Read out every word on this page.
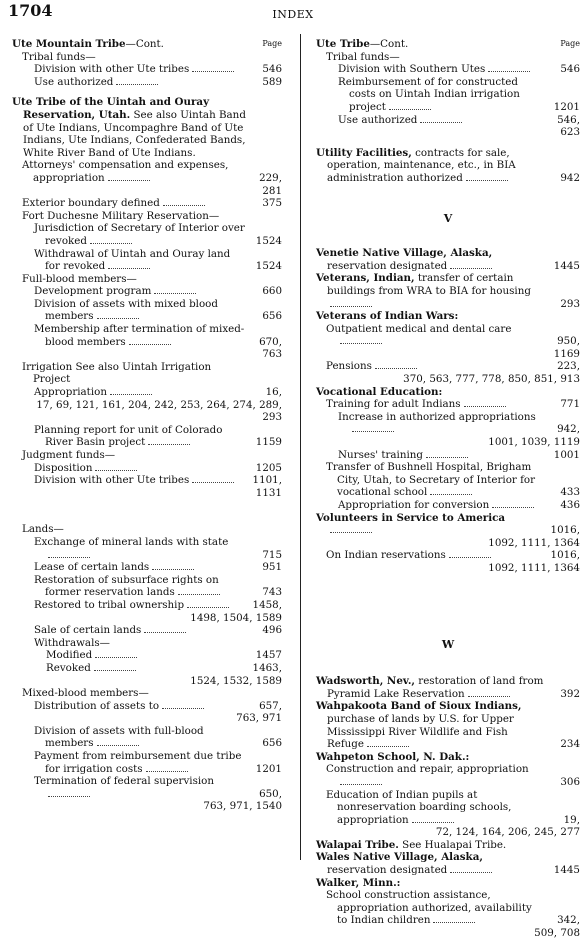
1704	INDEX
Page
Ute Mountain Tribe—Cont.
Tribal funds—
Division with other Ute tribes	546
Use authorized	589
Ute Tribe of the Uintah and Ouray Reservation, Utah. See also Uintah Band of Ute Indians, Uncompaghre Band of Ute Indians, Ute Indians, Confederated Bands, White River Band of Ute Indians.
Attorneys' compensation and expenses, appropriation	229,
281
Exterior boundary defined	375
Fort Duchesne Military Reservation—
Jurisdiction of Secretary of Interior over revoked	1524
Withdrawal of Uintah and Ouray land for revoked	1524
Full-blood members—
Development program	660
Division of assets with mixed blood members	656
Membership after termination of mixed-blood members	670,
763
Irrigation See also Uintah Irrigation Project
Appropriation	16,
17, 69, 121, 161, 204, 242, 253, 264, 274, 289, 293
Planning report for unit of Colorado River Basin project	1159
Judgment funds—
Disposition	1205
Division with other Ute tribes	1101,
1131
Lands—
Exchange of mineral lands with state
715
Lease of certain lands	951
Restoration of subsurface rights on former reservation lands	743
Restored to tribal ownership	1458,
1498, 1504, 1589
Sale of certain lands	496
Withdrawals—
Modified	1457
Revoked	1463,
1524, 1532, 1589
Mixed-blood members—
Distribution of assets to	657,
763, 971
Division of assets with full-blood members	656
Payment from reimbursement due tribe for irrigation costs	1201
Termination of federal supervision
650,
763, 971, 1540
Page
Ute Tribe—Cont.
Tribal funds—
Division with Southern Utes	546
Reimbursement of for constructed costs on Uintah Indian irrigation project	1201
Use authorized	546,
623
Utility Facilities, contracts for sale, operation, maintenance, etc., in BIA administration authorized	942
V
Venetie Native Village, Alaska, reservation designated	1445
Veterans, Indian, transfer of certain buildings from WRA to BIA for housing
293
Veterans of Indian Wars:
Outpatient medical and dental care
950,
1169
Pensions	223,
370, 563, 777, 778, 850, 851, 913
Vocational Education:
Training for adult Indians	771
Increase in authorized appropriations
942,
1001, 1039, 1119
Nurses' training	1001
Transfer of Bushnell Hospital, Brigham City, Utah, to Secretary of Interior for vocational school	433
Appropriation for conversion	436
Volunteers in Service to America
1016,
1092, 1111, 1364
On Indian reservations	1016,
1092, 1111, 1364
W
Wadsworth, Nev., restoration of land from Pyramid Lake Reservation	392
Wahpakoota Band of Sioux Indians, purchase of lands by U.S. for Upper Mississippi River Wildlife and Fish Refuge	234
Wahpeton School, N. Dak.:
Construction and repair, appropriation
306
Education of Indian pupils at nonreservation boarding schools, appropriation	19,
72, 124, 164, 206, 245, 277
Walapai Tribe. See Hualapai Tribe.
Wales Native Village, Alaska, reservation designated	1445
Walker, Minn.:
School construction assistance, appropriation authorized, availability to Indian children	342,
509, 708
